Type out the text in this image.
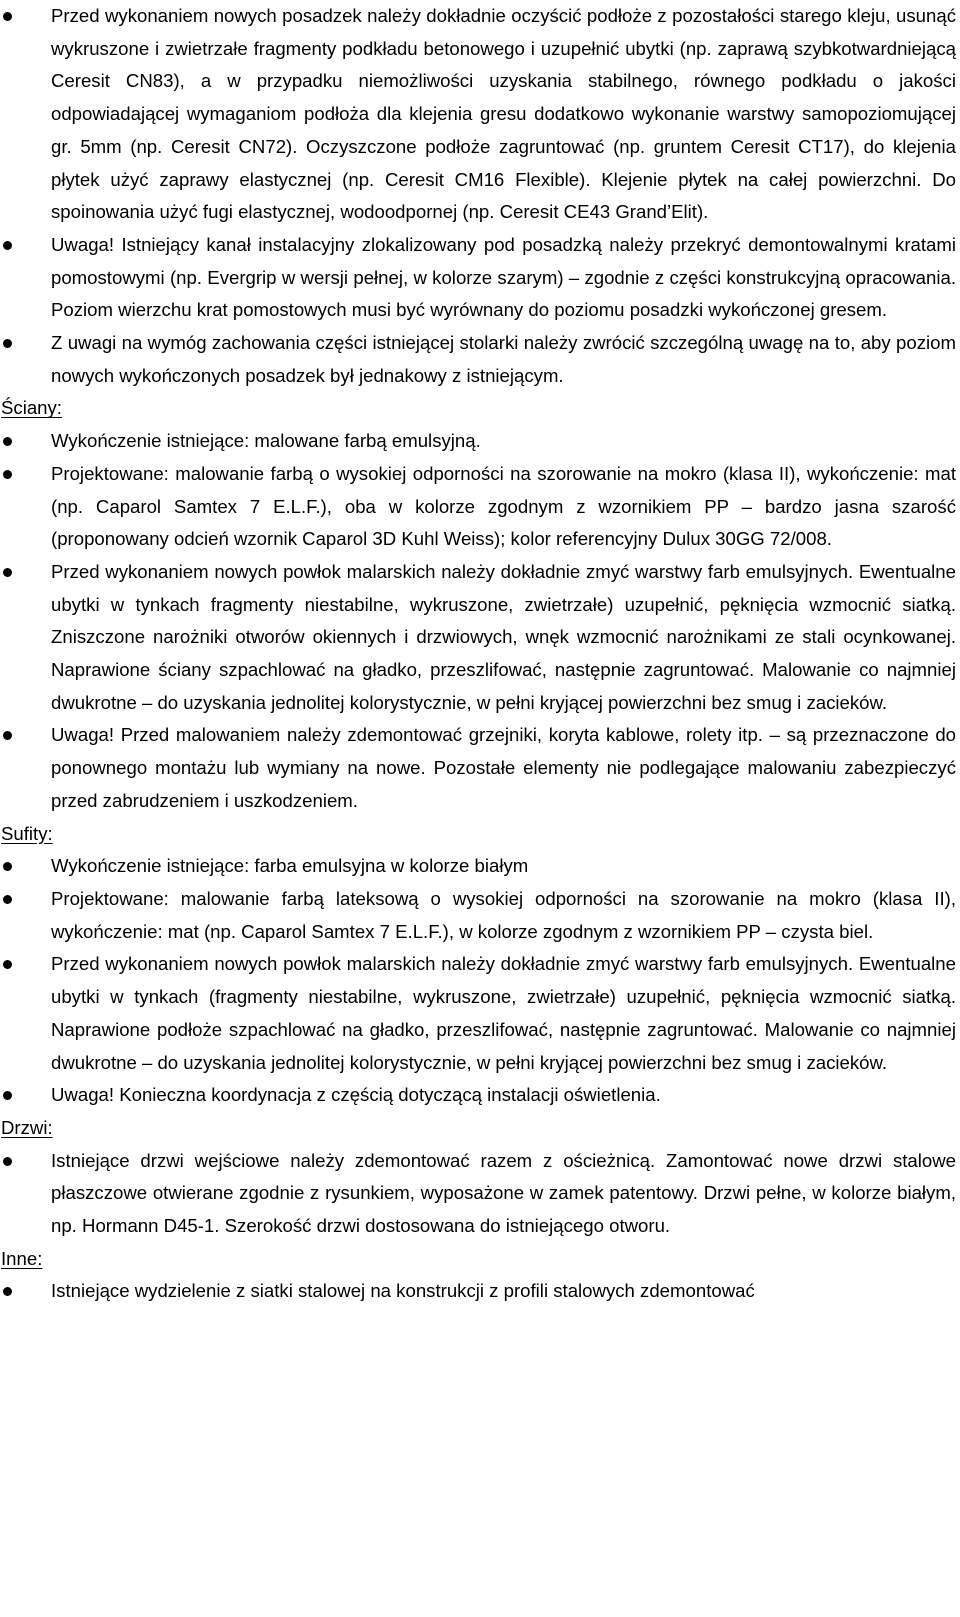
Przed wykonaniem nowych posadzek należy dokładnie oczyścić podłoże z pozostałości starego kleju, usunąć wykruszone i zwietrzałe fragmenty podkładu betonowego i uzupełnić ubytki (np. zaprawą szybkotwardniejącą Ceresit CN83), a w przypadku niemożliwości uzyskania stabilnego, równego podkładu o jakości odpowiadającej wymaganiom podłoża dla klejenia gresu dodatkowo wykonanie warstwy samopoziomującej gr. 5mm (np. Ceresit CN72). Oczyszczone podłoże zagruntować (np. gruntem Ceresit CT17), do klejenia płytek użyć zaprawy elastycznej (np. Ceresit CM16 Flexible). Klejenie płytek na całej powierzchni. Do spoinowania użyć fugi elastycznej, wodoodpornej (np. Ceresit CE43 Grand’Elit).
Uwaga! Istniejący kanał instalacyjny zlokalizowany pod posadzką należy przekryć demontowalnymi kratami pomostowymi (np. Evergrip w wersji pełnej, w kolorze szarym) – zgodnie z części konstrukcyjną opracowania. Poziom wierzchu krat pomostowych musi być wyrównany do poziomu posadzki wykończonej gresem.
Z uwagi na wymóg zachowania części istniejącej stolarki należy zwrócić szczególną uwagę na to, aby poziom nowych wykończonych posadzek był jednakowy z istniejącym.
Ściany:
Wykończenie istniejące: malowane farbą emulsyjną.
Projektowane: malowanie farbą o wysokiej odporności na szorowanie na mokro (klasa II), wykończenie: mat (np. Caparol Samtex 7 E.L.F.), oba w kolorze zgodnym z wzornikiem PP – bardzo jasna szarość (proponowany odcień wzornik Caparol 3D Kuhl Weiss); kolor referencyjny Dulux 30GG 72/008.
Przed wykonaniem nowych powłok malarskich należy dokładnie zmyć warstwy farb emulsyjnych. Ewentualne ubytki w tynkach fragmenty niestabilne, wykruszone, zwietrzałe) uzupełnić, pęknięcia wzmocnić siatką. Zniszczone narożniki otworów okiennych i drzwiowych, wnęk wzmocnić narożnikami ze stali ocynkowanej. Naprawione ściany szpachlować na gładko, przeszlifować, następnie zagruntować. Malowanie co najmniej dwukrotne – do uzyskania jednolitej kolorystycznie, w pełni kryjącej powierzchni bez smug i zacieków.
Uwaga! Przed malowaniem należy zdemontować grzejniki, koryta kablowe, rolety itp. – są przeznaczone do ponownego montażu lub wymiany na nowe. Pozostałe elementy nie podlegające malowaniu zabezpieczyć przed zabrudzeniem i uszkodzeniem.
Sufity:
Wykończenie istniejące: farba emulsyjna w kolorze białym
Projektowane: malowanie farbą lateksową o wysokiej odporności na szorowanie na mokro (klasa II), wykończenie: mat (np. Caparol Samtex 7 E.L.F.), w kolorze zgodnym z wzornikiem PP – czysta biel.
Przed wykonaniem nowych powłok malarskich należy dokładnie zmyć warstwy farb emulsyjnych. Ewentualne ubytki w tynkach (fragmenty niestabilne, wykruszone, zwietrzałe) uzupełnić, pęknięcia wzmocnić siatką. Naprawione podłoże szpachlować na gładko, przeszlifować, następnie zagruntować. Malowanie co najmniej dwukrotne – do uzyskania jednolitej kolorystycznie, w pełni kryjącej powierzchni bez smug i zacieków.
Uwaga! Konieczna koordynacja z częścią dotyczącą instalacji oświetlenia.
Drzwi:
Istniejące drzwi wejściowe należy zdemontować razem z ościeżnicą. Zamontować nowe drzwi stalowe płaszczowe otwierane zgodnie z rysunkiem, wyposażone w zamek patentowy. Drzwi pełne, w kolorze białym, np. Hormann D45-1. Szerokość drzwi dostosowana do istniejącego otworu.
Inne:
Istniejące wydzielenie z siatki stalowej na konstrukcji z profili stalowych zdemontować
